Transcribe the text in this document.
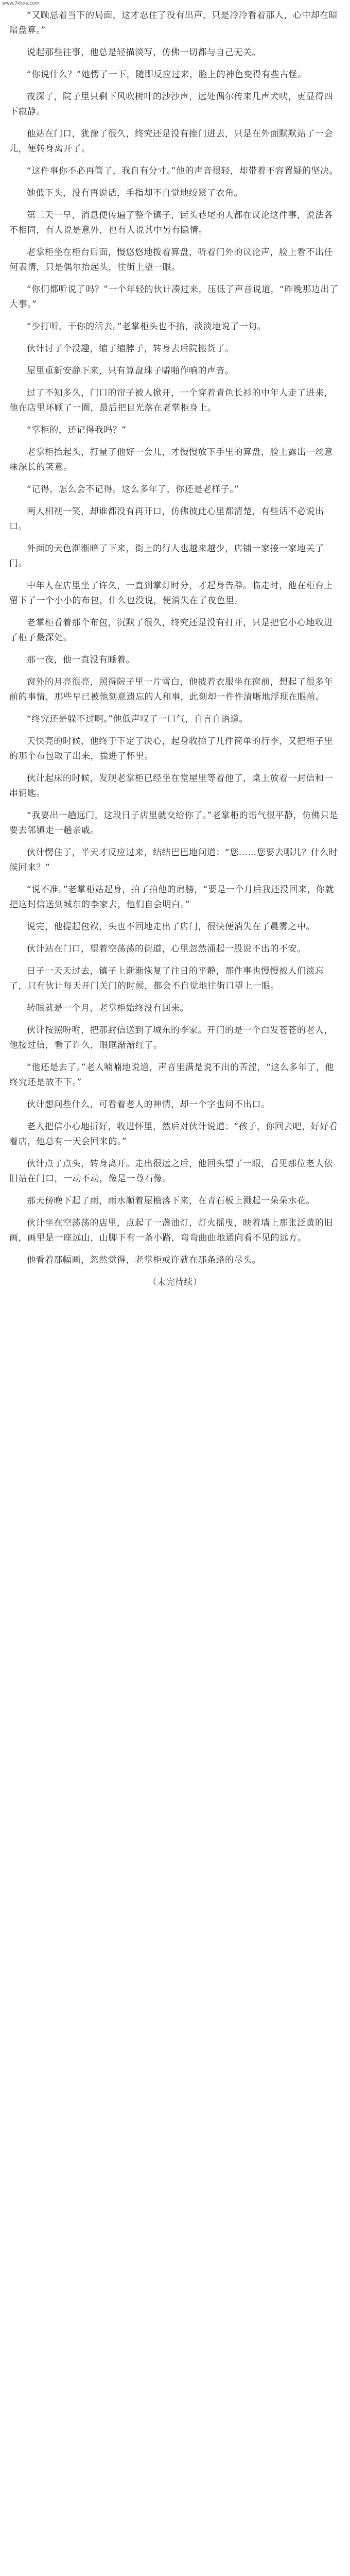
www.7kkxs.com

“又顾忌着当下的局面，这才忍住了没有出声，只是冷冷看着那人，心中却在暗暗盘算。”

说起那些往事，他总是轻描淡写，仿佛一切都与自己无关。

“你说什么？”她愣了一下，随即反应过来，脸上的神色变得有些古怪。

夜深了，院子里只剩下风吹树叶的沙沙声，远处偶尔传来几声犬吠，更显得四下寂静。

他站在门口，犹豫了很久，终究还是没有推门进去，只是在外面默默站了一会儿，便转身离开了。

“这件事你不必再管了，我自有分寸。”他的声音很轻，却带着不容置疑的坚决。

她低下头，没有再说话，手指却不自觉地绞紧了衣角。

第二天一早，消息便传遍了整个镇子，街头巷尾的人都在议论这件事，说法各不相同，有人说是意外，也有人说其中另有隐情。

老掌柜坐在柜台后面，慢悠悠地拨着算盘，听着门外的议论声，脸上看不出任何表情，只是偶尔抬起头，往街上望一眼。

“你们都听说了吗？”一个年轻的伙计凑过来，压低了声音说道，“昨晚那边出了大事。”

“少打听，干你的活去。”老掌柜头也不抬，淡淡地说了一句。

伙计讨了个没趣，缩了缩脖子，转身去后院搬货了。

屋里重新安静下来，只有算盘珠子噼啪作响的声音。

过了不知多久，门口的帘子被人掀开，一个穿着青色长衫的中年人走了进来，他在店里环顾了一圈，最后把目光落在老掌柜身上。

“掌柜的，还记得我吗？”

老掌柜抬起头，打量了他好一会儿，才慢慢放下手里的算盘，脸上露出一丝意味深长的笑意。

“记得，怎么会不记得。这么多年了，你还是老样子。”

两人相视一笑，却谁都没有再开口，仿佛彼此心里都清楚，有些话不必说出口。

外面的天色渐渐暗了下来，街上的行人也越来越少，店铺一家接一家地关了门。

中年人在店里坐了许久，一直到掌灯时分，才起身告辞。临走时，他在柜台上留下了一个小小的布包，什么也没说，便消失在了夜色里。

老掌柜看着那个布包，沉默了很久，终究还是没有打开，只是把它小心地收进了柜子最深处。

那一夜，他一直没有睡着。

窗外的月亮很亮，照得院子里一片雪白，他披着衣服坐在窗前，想起了很多年前的事情，那些早已被他刻意遗忘的人和事，此刻却一件件清晰地浮现在眼前。

“终究还是躲不过啊。”他低声叹了一口气，自言自语道。

天快亮的时候，他终于下定了决心，起身收拾了几件简单的行李，又把柜子里的那个布包取了出来，揣进了怀里。

伙计起床的时候，发现老掌柜已经坐在堂屋里等着他了，桌上放着一封信和一串钥匙。

“我要出一趟远门，这段日子店里就交给你了。”老掌柜的语气很平静，仿佛只是要去邻镇走一趟亲戚。

伙计愣住了，半天才反应过来，结结巴巴地问道：“您……您要去哪儿？什么时候回来？”

“说不准。”老掌柜站起身，拍了拍他的肩膀，“要是一个月后我还没回来，你就把这封信送到城东的李家去，他们自会明白。”

说完，他提起包袱，头也不回地走出了店门，很快便消失在了晨雾之中。

伙计站在门口，望着空荡荡的街道，心里忽然涌起一股说不出的不安。

日子一天天过去，镇子上渐渐恢复了往日的平静，那件事也慢慢被人们淡忘了，只有伙计每天开门关门的时候，都会不自觉地往街口望上一眼。

转眼就是一个月，老掌柜始终没有回来。

伙计按照吩咐，把那封信送到了城东的李家。开门的是一个白发苍苍的老人，他接过信，看了许久，眼眶渐渐红了。

“他还是去了。”老人喃喃地说道，声音里满是说不出的苦涩，“这么多年了，他终究还是放不下。”

伙计想问些什么，可看着老人的神情，却一个字也问不出口。

老人把信小心地折好，收进怀里，然后对伙计说道：“孩子，你回去吧，好好看着店，他总有一天会回来的。”

伙计点了点头，转身离开。走出很远之后，他回头望了一眼，看见那位老人依旧站在门口，一动不动，像是一尊石像。

那天傍晚下起了雨，雨水顺着屋檐落下来，在青石板上溅起一朵朵水花。

伙计坐在空荡荡的店里，点起了一盏油灯，灯火摇曳，映着墙上那张泛黄的旧画，画里是一座远山，山脚下有一条小路，弯弯曲曲地通向看不见的远方。

他看着那幅画，忽然觉得，老掌柜或许就在那条路的尽头。

（未完待续）
